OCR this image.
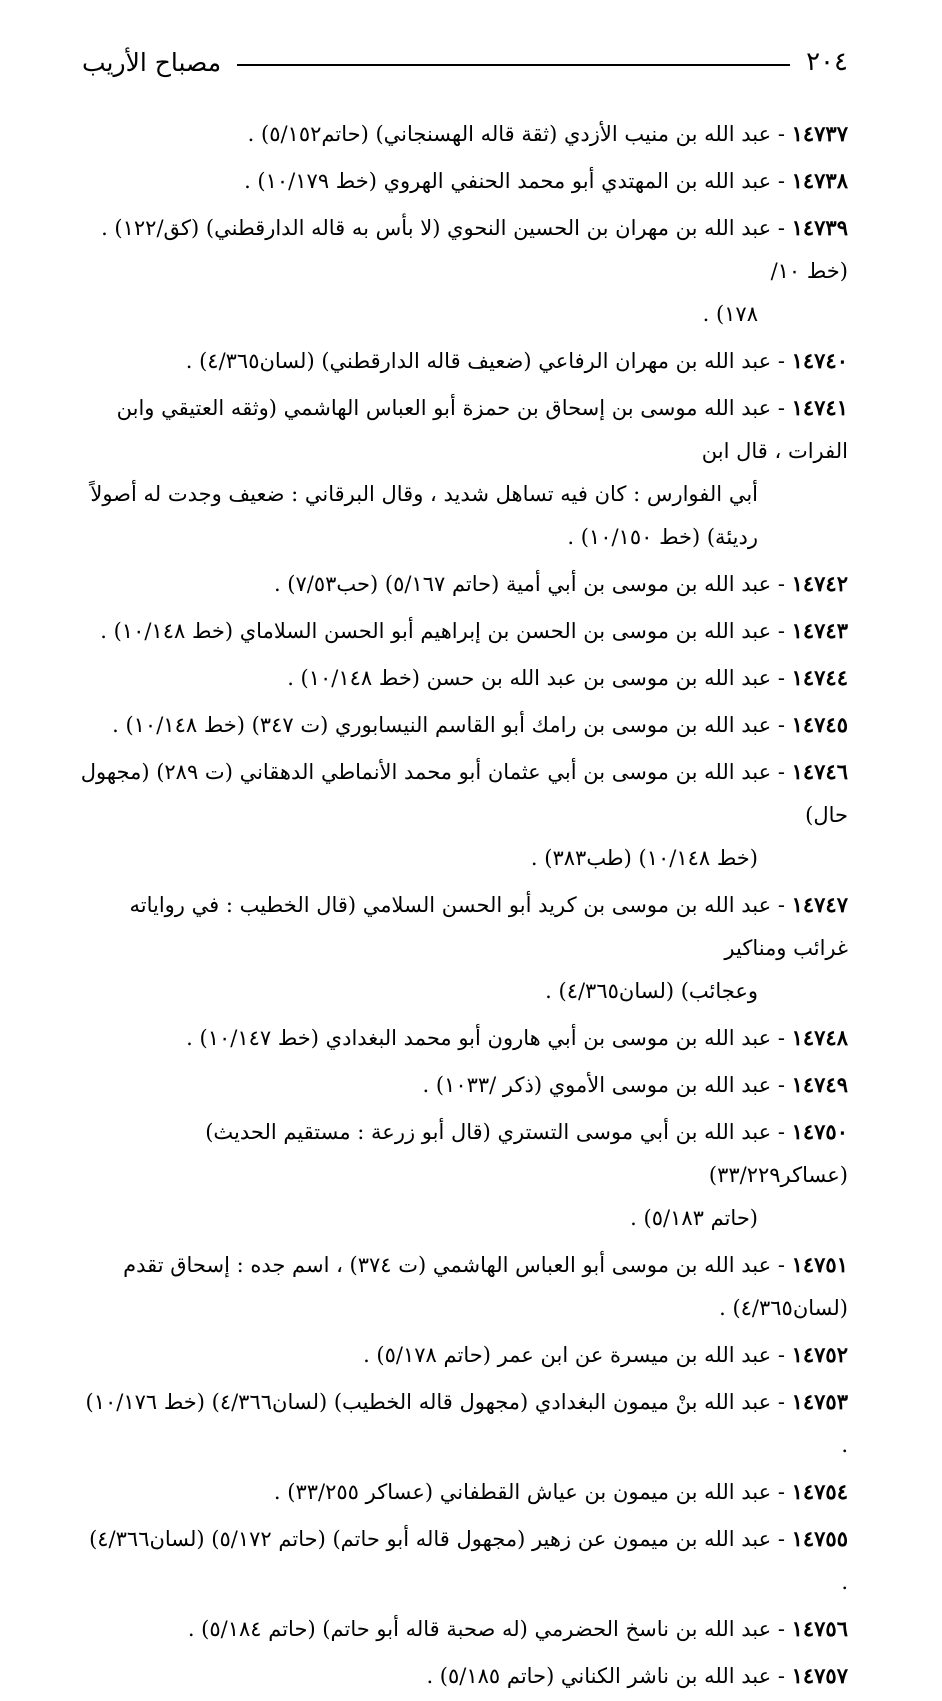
٢٠٤
مصباح الأريب
١٤٧٣٧ - عبد الله بن منيب الأزدي (ثقة قاله الهسنجاني) (حاتم٥/١٥٢) .
١٤٧٣٨ - عبد الله بن المهتدي أبو محمد الحنفي الهروي (خط ١٠/١٧٩) .
١٤٧٣٩ - عبد الله بن مهران بن الحسين النحوي (لا بأس به قاله الدارقطني) (كق/١٢٢) . (خط ١٠/
١٧٨) .
١٤٧٤٠ - عبد الله بن مهران الرفاعي (ضعيف قاله الدارقطني) (لسان٤/٣٦٥) .
١٤٧٤١ - عبد الله موسى بن إسحاق بن حمزة أبو العباس الهاشمي (وثقه العتيقي وابن الفرات ، قال ابن
أبي الفوارس : كان فيه تساهل شديد ، وقال البرقاني : ضعيف وجدت له أصولاً رديئة) (خط ١٠/١٥٠) .
١٤٧٤٢ - عبد الله بن موسى بن أبي أمية (حاتم ٥/١٦٧) (حب٧/٥٣) .
١٤٧٤٣ - عبد الله بن موسى بن الحسن بن إبراهيم أبو الحسن السلاماي (خط ١٠/١٤٨) .
١٤٧٤٤ - عبد الله بن موسى بن عبد الله بن حسن (خط ١٠/١٤٨) .
١٤٧٤٥ - عبد الله بن موسى بن رامك أبو القاسم النيسابوري (ت ٣٤٧) (خط ١٠/١٤٨) .
١٤٧٤٦ - عبد الله بن موسى بن أبي عثمان أبو محمد الأنماطي الدهقاني (ت ٢٨٩) (مجهول حال)
(خط ١٠/١٤٨) (طب٣٨٣) .
١٤٧٤٧ - عبد الله بن موسى بن كريد أبو الحسن السلامي (قال الخطيب : في رواياته غرائب ومناكير
وعجائب) (لسان٤/٣٦٥) .
١٤٧٤٨ - عبد الله بن موسى بن أبي هارون أبو محمد البغدادي (خط ١٠/١٤٧) .
١٤٧٤٩ - عبد الله بن موسى الأموي (ذكر /١٠٣٣) .
١٤٧٥٠ - عبد الله بن أبي موسى التستري (قال أبو زرعة : مستقيم الحديث) (عساكر٣٣/٢٢٩)
(حاتم ٥/١٨٣) .
١٤٧٥١ - عبد الله بن موسى أبو العباس الهاشمي (ت ٣٧٤) ، اسم جده : إسحاق تقدم (لسان٤/٣٦٥) .
١٤٧٥٢ - عبد الله بن ميسرة عن ابن عمر (حاتم ٥/١٧٨) .
١٤٧٥٣ - عبد الله بنْ ميمون البغدادي (مجهول قاله الخطيب) (لسان٤/٣٦٦) (خط ١٠/١٧٦) .
١٤٧٥٤ - عبد الله بن ميمون بن عياش القطفاني (عساكر ٣٣/٢٥٥) .
١٤٧٥٥ - عبد الله بن ميمون عن زهير (مجهول قاله أبو حاتم) (حاتم ٥/١٧٢) (لسان٤/٣٦٦) .
١٤٧٥٦ - عبد الله بن ناسخ الحضرمي (له صحبة قاله أبو حاتم) (حاتم ٥/١٨٤) .
١٤٧٥٧ - عبد الله بن ناشر الكناني (حاتم ٥/١٨٥) .
